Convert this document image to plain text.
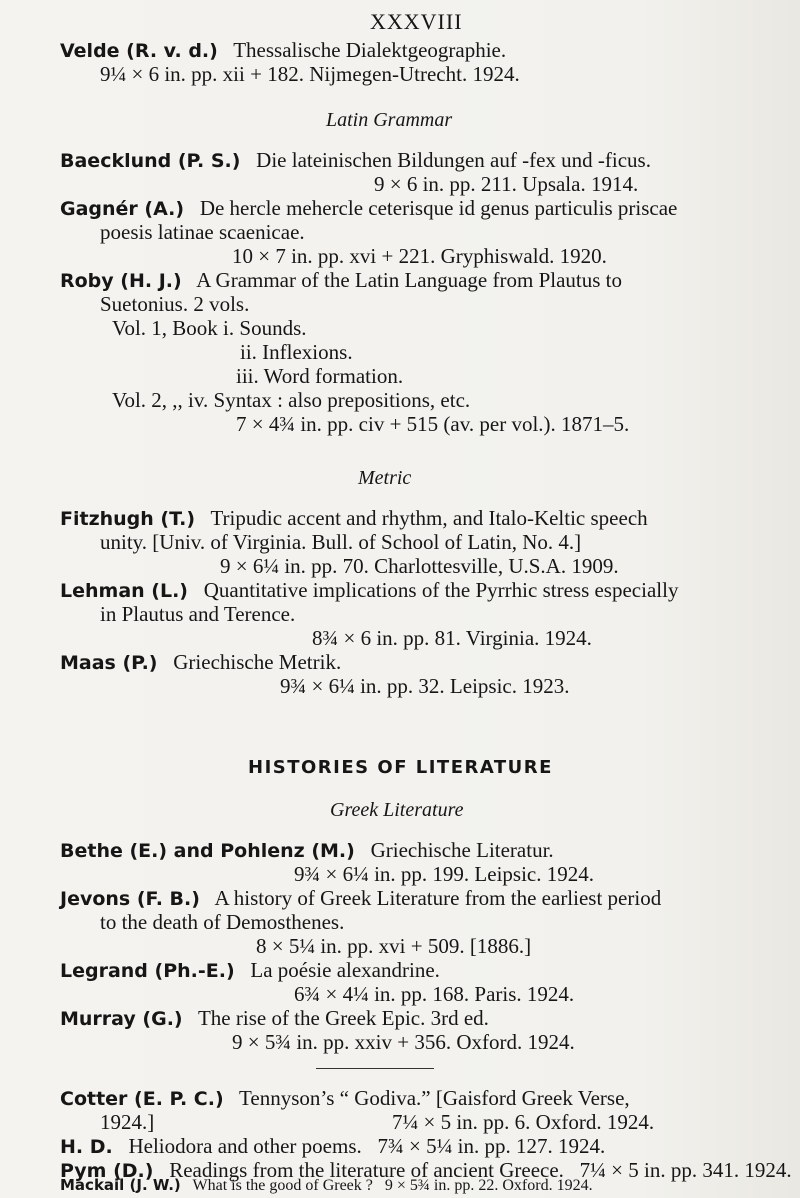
XXXVIII
Velde (R. v. d.) Thessalische Dialektgeographie.
9¼ × 6 in. pp. xii + 182. Nijmegen-Utrecht. 1924.
Latin Grammar
Baecklund (P. S.) Die lateinischen Bildungen auf -fex und -ficus.
9 × 6 in. pp. 211. Upsala. 1914.
Gagnér (A.) De hercle mehercle ceterisque id genus particulis priscae
poesis latinae scaenicae.
10 × 7 in. pp. xvi + 221. Gryphiswald. 1920.
Roby (H. J.) A Grammar of the Latin Language from Plautus to
Suetonius. 2 vols.
Vol. 1, Book i. Sounds.
ii. Inflexions.
iii. Word formation.
Vol. 2, ,, iv. Syntax : also prepositions, etc.
7 × 4¾ in. pp. civ + 515 (av. per vol.). 1871–5.
Metric
Fitzhugh (T.) Tripudic accent and rhythm, and Italo-Keltic speech
unity. [Univ. of Virginia. Bull. of School of Latin, No. 4.]
9 × 6¼ in. pp. 70. Charlottesville, U.S.A. 1909.
Lehman (L.) Quantitative implications of the Pyrrhic stress especially
in Plautus and Terence.
8¾ × 6 in. pp. 81. Virginia. 1924.
Maas (P.) Griechische Metrik.
9¾ × 6¼ in. pp. 32. Leipsic. 1923.
HISTORIES OF LITERATURE
Greek Literature
Bethe (E.) and Pohlenz (M.) Griechische Literatur.
9¾ × 6¼ in. pp. 199. Leipsic. 1924.
Jevons (F. B.) A history of Greek Literature from the earliest period
to the death of Demosthenes.
8 × 5¼ in. pp. xvi + 509. [1886.]
Legrand (Ph.-E.) La poésie alexandrine.
6¾ × 4¼ in. pp. 168. Paris. 1924.
Murray (G.) The rise of the Greek Epic. 3rd ed.
9 × 5¾ in. pp. xxiv + 356. Oxford. 1924.
Cotter (E. P. C.) Tennyson’s “ Godiva.” [Gaisford Greek Verse,
1924.]	7¼ × 5 in. pp. 6. Oxford. 1924.
H. D. Heliodora and other poems. 7¾ × 5¼ in. pp. 127. 1924.
Pym (D.) Readings from the literature of ancient Greece. 7¼ × 5 in. pp. 341. 1924.
Mackail (J. W.) What is the good of Greek ? 9 × 5¾ in. pp. 22. Oxford. 1924.
